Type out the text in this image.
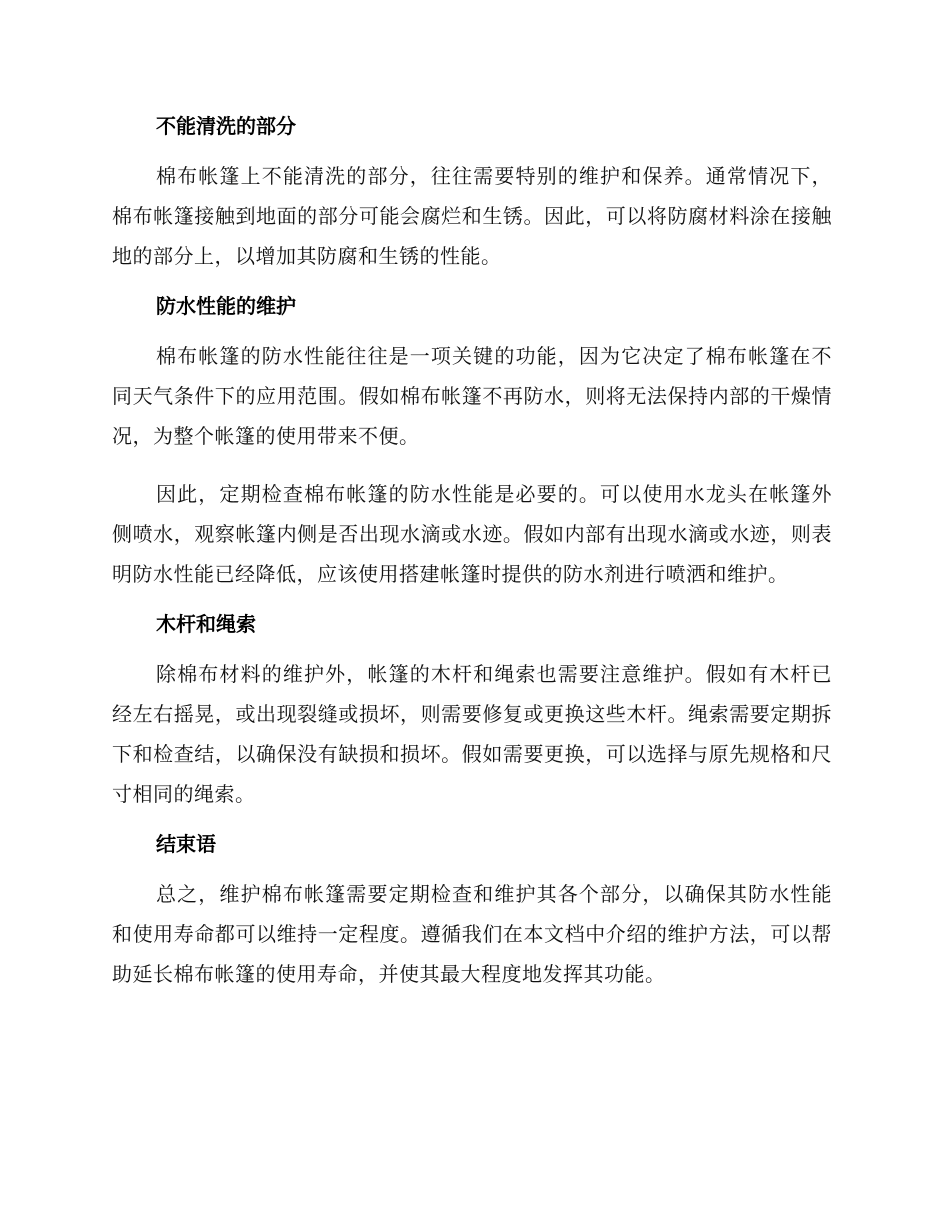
不能清洗的部分

棉布帐篷上不能清洗的部分，往往需要特别的维护和保养。通常情况下，棉布帐篷接触到地面的部分可能会腐烂和生锈。因此，可以将防腐材料涂在接触地的部分上，以增加其防腐和生锈的性能。

防水性能的维护

棉布帐篷的防水性能往往是一项关键的功能，因为它决定了棉布帐篷在不同天气条件下的应用范围。假如棉布帐篷不再防水，则将无法保持内部的干燥情况，为整个帐篷的使用带来不便。

因此，定期检查棉布帐篷的防水性能是必要的。可以使用水龙头在帐篷外侧喷水，观察帐篷内侧是否出现水滴或水迹。假如内部有出现水滴或水迹，则表明防水性能已经降低，应该使用搭建帐篷时提供的防水剂进行喷洒和维护。

木杆和绳索

除棉布材料的维护外，帐篷的木杆和绳索也需要注意维护。假如有木杆已经左右摇晃，或出现裂缝或损坏，则需要修复或更换这些木杆。绳索需要定期拆下和检查结，以确保没有缺损和损坏。假如需要更换，可以选择与原先规格和尺寸相同的绳索。

结束语

总之，维护棉布帐篷需要定期检查和维护其各个部分，以确保其防水性能和使用寿命都可以维持一定程度。遵循我们在本文档中介绍的维护方法，可以帮助延长棉布帐篷的使用寿命，并使其最大程度地发挥其功能。
